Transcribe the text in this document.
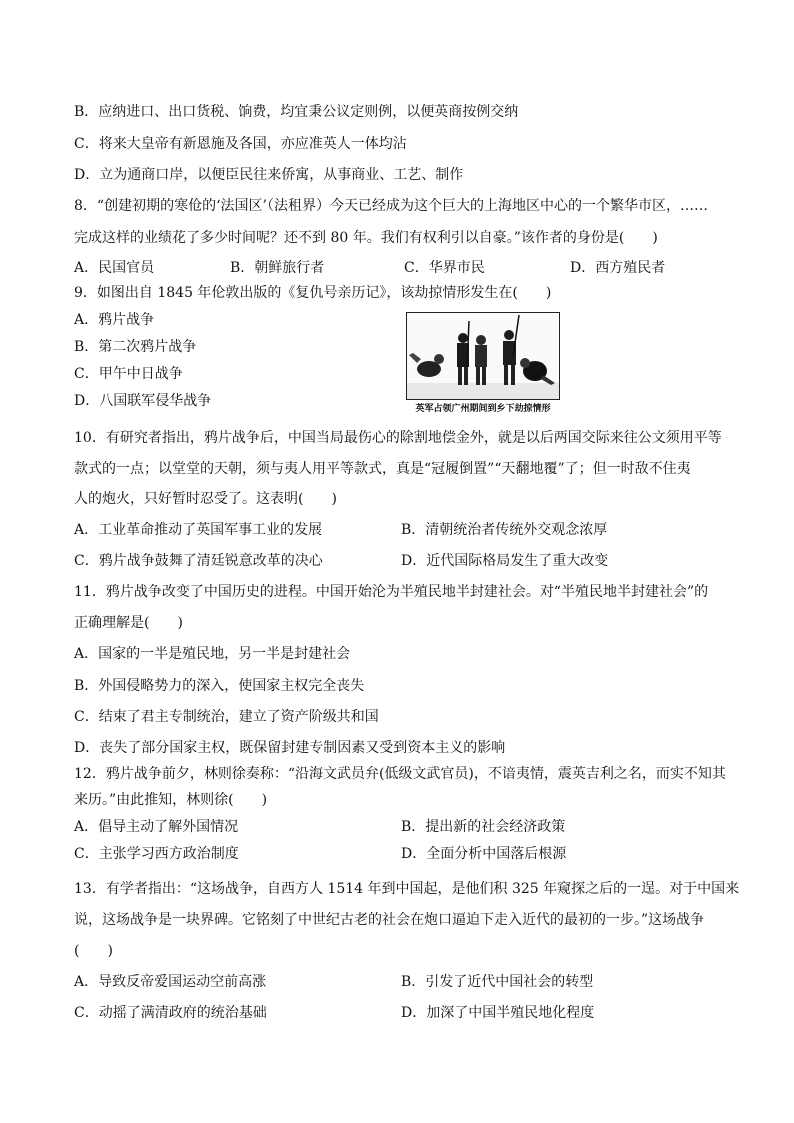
B．应纳进口、出口货税、饷费，均宜秉公议定则例，以便英商按例交纳
C．将来大皇帝有新恩施及各国，亦应准英人一体均沾
D．立为通商口岸，以便臣民往来侨寓，从事商业、工艺、制作
8．“创建初期的寒伧的‘法国区’（法租界）今天已经成为这个巨大的上海地区中心的一个繁华市区，……
完成这样的业绩花了多少时间呢？还不到 80 年。我们有权利引以自豪。”该作者的身份是(　　)
A．民国官员	B．朝鲜旅行者	C．华界市民	D．西方殖民者
9．如图出自 1845 年伦敦出版的《复仇号亲历记》，该劫掠情形发生在(　　)
A．鸦片战争
B．第二次鸦片战争
C．甲午中日战争
D．八国联军侵华战争	英军占领广州期间到乡下劫掠情形
10．有研究者指出，鸦片战争后，中国当局最伤心的除割地偿金外，就是以后两国交际来往公文须用平等
款式的一点；以堂堂的天朝，须与夷人用平等款式，真是“冠履倒置”“天翻地覆”了；但一时敌不住夷
人的炮火，只好暂时忍受了。这表明(　　)
A．工业革命推动了英国军事工业的发展	B．清朝统治者传统外交观念浓厚
C．鸦片战争鼓舞了清廷锐意改革的决心	D．近代国际格局发生了重大改变
11．鸦片战争改变了中国历史的进程。中国开始沦为半殖民地半封建社会。对“半殖民地半封建社会”的
正确理解是(　　)
A．国家的一半是殖民地，另一半是封建社会
B．外国侵略势力的深入，使国家主权完全丧失
C．结束了君主专制统治，建立了资产阶级共和国
D．丧失了部分国家主权，既保留封建专制因素又受到资本主义的影响
12．鸦片战争前夕，林则徐奏称：“沿海文武员弁(低级文武官员)，不谙夷情，震英吉利之名，而实不知其
来历。”由此推知，林则徐(　　)
A．倡导主动了解外国情况	B．提出新的社会经济政策
C．主张学习西方政治制度	D．全面分析中国落后根源
13．有学者指出：“这场战争，自西方人 1514 年到中国起，是他们积 325 年窥探之后的一逞。对于中国来
说，这场战争是一块界碑。它铭刻了中世纪古老的社会在炮口逼迫下走入近代的最初的一步。”这场战争
(　　)
A．导致反帝爱国运动空前高涨	B．引发了近代中国社会的转型
C．动摇了满清政府的统治基础	D．加深了中国半殖民地化程度
